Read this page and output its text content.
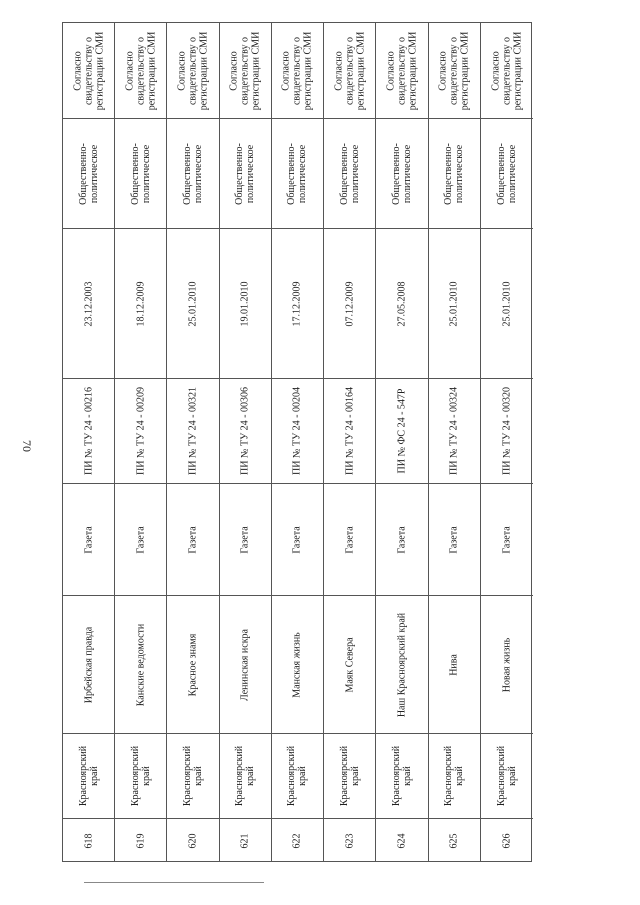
70
Согласно
свидетельству о
регистрации СМИ
Общественно-
политическое
23.12.2003
ПИ № ТУ 24 - 00216
Газета
Ирбейская правда
Красноярский
край
618
Согласно
свидетельству о
регистрации СМИ
Общественно-
политическое
18.12.2009
ПИ № ТУ 24 - 00209
Газета
Канские ведомости
Красноярский
край
619
Согласно
свидетельству о
регистрации СМИ
Общественно-
политическое
25.01.2010
ПИ № ТУ 24 - 00321
Газета
Красное знамя
Красноярский
край
620
Согласно
свидетельству о
регистрации СМИ
Общественно-
политическое
19.01.2010
ПИ № ТУ 24 - 00306
Газета
Ленинская искра
Красноярский
край
621
Согласно
свидетельству о
регистрации СМИ
Общественно-
политическое
17.12.2009
ПИ № ТУ 24 - 00204
Газета
Манская жизнь
Красноярский
край
622
Согласно
свидетельству о
регистрации СМИ
Общественно-
политическое
07.12.2009
ПИ № ТУ 24 - 00164
Газета
Маяк Севера
Красноярский
край
623
Согласно
свидетельству о
регистрации СМИ
Общественно-
политическое
27.05.2008
ПИ № ФС 24 - 547Р
Газета
Наш Красноярский край
Красноярский
край
624
Согласно
свидетельству о
регистрации СМИ
Общественно-
политическое
25.01.2010
ПИ № ТУ 24 - 00324
Газета
Нива
Красноярский
край
625
Согласно
свидетельству о
регистрации СМИ
Общественно-
политическое
25.01.2010
ПИ № ТУ 24 - 00320
Газета
Новая жизнь
Красноярский
край
626
